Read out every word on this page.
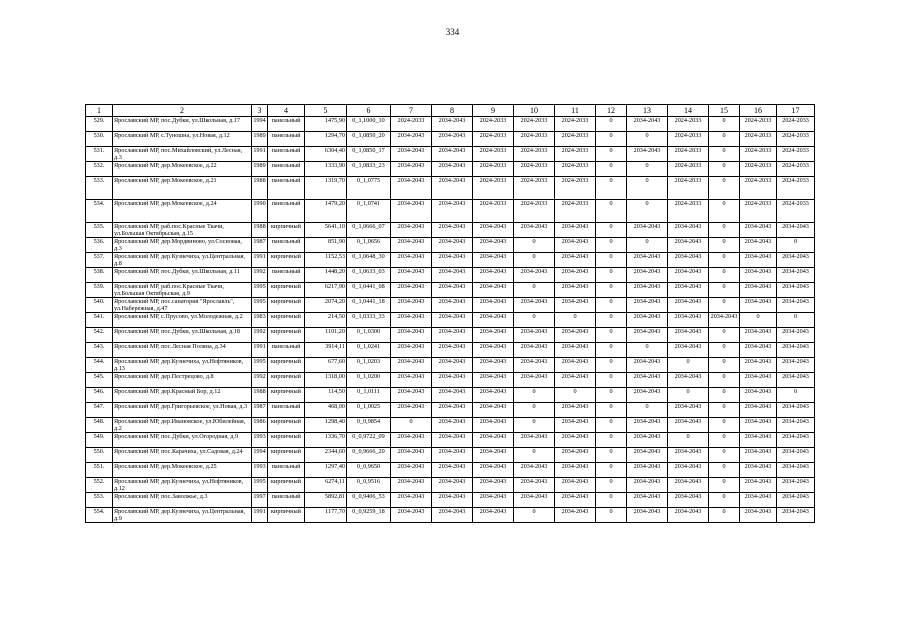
334
1	2	3	4	5	6	7	8	9	10	11	12	13	14	15	16	17
529.	Ярославский МР, пос.Дубки, ул.Школьная, д.17	1994	панельный	1475,90	0_1,1000_10	2024-2033	2034-2043	2024-2033	2024-2033	2024-2033	0	2034-2043	2024-2033	0	2024-2033	2024-2033
530.	Ярославский МР, с.Туношна, ул.Новая, д.12	1989	панельный	1294,70	0_1,0850_20	2034-2043	2034-2043	2024-2033	2024-2033	2024-2033	0	0	2024-2033	0	2024-2033	2024-2033
531.	Ярославский МР, пос.Михайловский, ул.Лесная, д.3	1991	панельный	6304,40	0_1,0850_17	2034-2043	2034-2043	2024-2033	2024-2033	2024-2033	0	2034-2043	2024-2033	0	2024-2033	2024-2033
532.	Ярославский МР, дер.Мокеевское, д.22	1989	панельный	1333,90	0_1,0833_23	2034-2043	2034-2043	2024-2033	2024-2033	2024-2033	0	0	2024-2033	0	2024-2033	2024-2033
533.	Ярославский МР, дер.Мокеевское, д.21	1988	панельный	1319,70	0_1,0775	2034-2043	2034-2043	2024-2033	2024-2033	2024-2033	0	0	2024-2033	0	2024-2033	2024-2033
534.	Ярославский МР, дер.Мокеевское, д.24	1990	панельный	1479,20	0_1,0741	2034-2043	2034-2043	2024-2033	2024-2033	2024-2033	0	0	2024-2033	0	2024-2033	2024-2033
535.	Ярославский МР, раб.пос.Красные Ткачи, ул.Большая Октябрьская, д.15	1988	кирпичный	5641,10	0_1,0666_07	2034-2043	2034-2043	2034-2043	2034-2043	2034-2043	0	2034-2043	2034-2043	0	2034-2043	2034-2043
536.	Ярославский МР, дер.Мордвиново, ул.Сосновая, д.3	1987	панельный	851,90	0_1,0656	2034-2043	2034-2043	2034-2043	0	2034-2043	0	0	2034-2043	0	2034-2043	0
537.	Ярославский МР, дер.Кузнечиха, ул.Центральная, д.8	1991	кирпичный	1152,53	0_1,0648_30	2034-2043	2034-2043	2034-2043	0	2034-2043	0	2034-2043	2034-2043	0	2034-2043	2034-2043
538.	Ярославский МР, пос.Дубки, ул.Школьная, д.11	1992	панельный	1448,20	0_1,0633_03	2034-2043	2034-2043	2034-2043	2034-2043	2034-2043	0	2034-2043	2034-2043	0	2034-2043	2034-2043
539.	Ярославский МР, раб.пос.Красные Ткачи, ул.Большая Октябрьская, д.9	1995	кирпичный	6217,90	0_1,0441_08	2034-2043	2034-2043	2034-2043	0	2034-2043	0	2034-2043	2034-2043	0	2034-2043	2034-2043
540.	Ярославский МР, пос.санатория "Ярославль", ул.Набережная, д.47	1995	кирпичный	2074,20	0_1,0441_18	2034-2043	2034-2043	2034-2043	2034-2043	2034-2043	0	2034-2043	2034-2043	0	2034-2043	2034-2043
541.	Ярославский МР, с.Прусово, ул.Молодежная, д.2	1983	кирпичный	214,50	0_1,0333_33	2034-2043	2034-2043	2034-2043	0	0	0	2034-2043	2034-2043	2034-2043	0	0
542.	Ярославский МР, пос.Дубки, ул.Школьная, д.18	1992	кирпичный	1101,20	0_1,0300	2034-2043	2034-2043	2034-2043	2034-2043	2034-2043	0	2034-2043	2034-2043	0	2034-2043	2034-2043
543.	Ярославский МР, пос.Лесная Поляна, д.34	1991	панельный	3914,11	0_1,0241	2034-2043	2034-2043	2034-2043	2034-2043	2034-2043	0	0	2034-2043	0	2034-2043	2034-2043
544.	Ярославский МР, дер.Кузнечиха, ул.Нефтяников, д.13	1995	кирпичный	677,60	0_1,0203	2034-2043	2034-2043	2034-2043	2034-2043	2034-2043	0	2034-2043	0	0	2034-2043	2034-2043
545.	Ярославский МР, дер.Пестрецово, д.8	1992	кирпичный	1318,00	0_1,0200	2034-2043	2034-2043	2034-2043	2034-2043	2034-2043	0	2034-2043	2034-2043	0	2034-2043	2034-2043
546.	Ярославский МР, дер.Красный Бор, д.12	1988	кирпичный	114,50	0_1,0111	2034-2043	2034-2043	2034-2043	0	0	0	2034-2043	0	0	2034-2043	0
547.	Ярославский МР, дер.Григорьевское, ул.Новая, д.3	1987	панельный	468,00	0_1,0025	2034-2043	2034-2043	2034-2043	0	2034-2043	0	0	2034-2043	0	2034-2043	2034-2043
548.	Ярославский МР, дер.Ивановское, ул.Юбилейная, д.2	1986	кирпичный	1298,40	0_0,9854	0	2034-2043	2034-2043	0	2034-2043	0	2034-2043	2034-2043	0	2034-2043	2034-2043
549.	Ярославский МР, пос.Дубки, ул.Огородная, д.9	1993	кирпичный	1336,70	0_0,9722_09	2034-2043	2034-2043	2034-2043	2034-2043	2034-2043	0	2034-2043	0	0	2034-2043	2034-2043
550.	Ярославский МР, пос.Карачиха, ул.Садовая, д.24	1994	кирпичный	2344,60	0_0,9666_20	2034-2043	2034-2043	2034-2043	0	2034-2043	0	2034-2043	2034-2043	0	2034-2043	2034-2043
551.	Ярославский МР, дер.Мокеевское, д.25	1993	панельный	1297,40	0_0,9650	2034-2043	2034-2043	2034-2043	2034-2043	2034-2043	0	2034-2043	2034-2043	0	2034-2043	2034-2043
552.	Ярославский МР, дер.Кузнечиха, ул.Нефтяников, д.12	1995	кирпичный	6274,11	0_0,9516	2034-2043	2034-2043	2034-2043	2034-2043	2034-2043	0	2034-2043	2034-2043	0	2034-2043	2034-2043
553.	Ярославский МР, пос.Заволжье, д.3	1997	панельный	5892,81	0_0,9406_53	2034-2043	2034-2043	2034-2043	2034-2043	2034-2043	0	2034-2043	2034-2043	0	2034-2043	2034-2043
554.	Ярославский МР, дер.Кузнечиха, ул.Центральная, д.9	1991	кирпичный	1177,70	0_0,9259_18	2034-2043	2034-2043	2034-2043	0	2034-2043	0	2034-2043	2034-2043	0	2034-2043	2034-2043
